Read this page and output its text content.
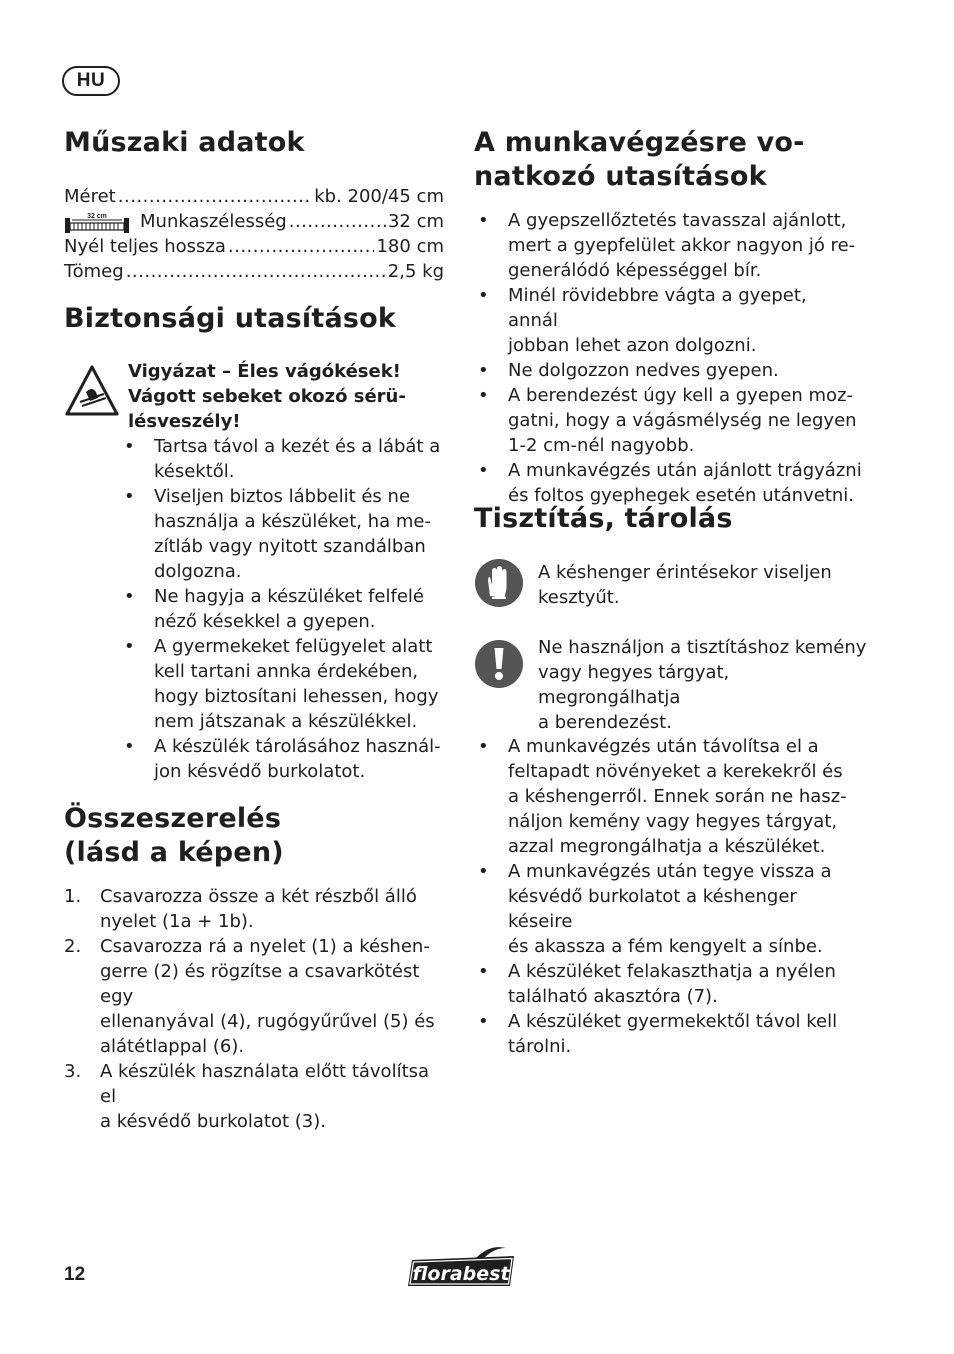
HU
Műszaki adatok
Méret .....	kb. 200/45 cm
32 cm Munkaszélesség .....	32 cm
Nyél teljes hossza .....	180 cm
Tömeg .....	2,5 kg
Biztonsági utasítások
Vigyázat – Éles vágókések!
Vágott sebeket okozó sérü-
lésveszély!
• Tartsa távol a kezét és a lábát a
késektől.
• Viseljen biztos lábbelit és ne
használja a készüléket, ha me-
zítláb vagy nyitott szandálban
dolgozna.
• Ne hagyja a készüléket felfelé
néző késekkel a gyepen.
• A gyermekeket felügyelet alatt
kell tartani annka érdekében,
hogy biztosítani lehessen, hogy
nem játszanak a készülékkel.
• A készülék tárolásához használ-
jon késvédő burkolatot.
Összeszerelés
(lásd a képen)
1. Csavarozza össze a két részből álló
nyelet (1a + 1b).
2. Csavarozza rá a nyelet (1) a késhen-
gerre (2) és rögzítse a csavarkötést egy
ellenanyával (4), rugógyűrűvel (5) és
alátétlappal (6).
3. A készülék használata előtt távolítsa el
a késvédő burkolatot (3).
A munkavégzésre vo-
natkozó utasítások
• A gyepszellőztetés tavasszal ajánlott,
mert a gyepfelület akkor nagyon jó re-
generálódó képességgel bír.
• Minél rövidebbre vágta a gyepet, annál
jobban lehet azon dolgozni.
• Ne dolgozzon nedves gyepen.
• A berendezést úgy kell a gyepen moz-
gatni, hogy a vágásmélység ne legyen
1-2 cm-nél nagyobb.
• A munkavégzés után ajánlott trágyázni
és foltos gyephegek esetén utánvetni.
Tisztítás, tárolás
A késhenger érintésekor viseljen
kesztyűt.
Ne használjon a tisztításhoz kemény
vagy hegyes tárgyat, megrongálhatja
a berendezést.
• A munkavégzés után távolítsa el a
feltapadt növényeket a kerekekről és
a késhengerről. Ennek során ne hasz-
náljon kemény vagy hegyes tárgyat,
azzal megrongálhatja a készüléket.
• A munkavégzés után tegye vissza a
késvédő burkolatot a késhenger késeire
és akassza a fém kengyelt a sínbe.
• A készüléket felakaszthatja a nyélen
található akasztóra (7).
• A készüléket gyermekektől távol kell
tárolni.
12	florabest
